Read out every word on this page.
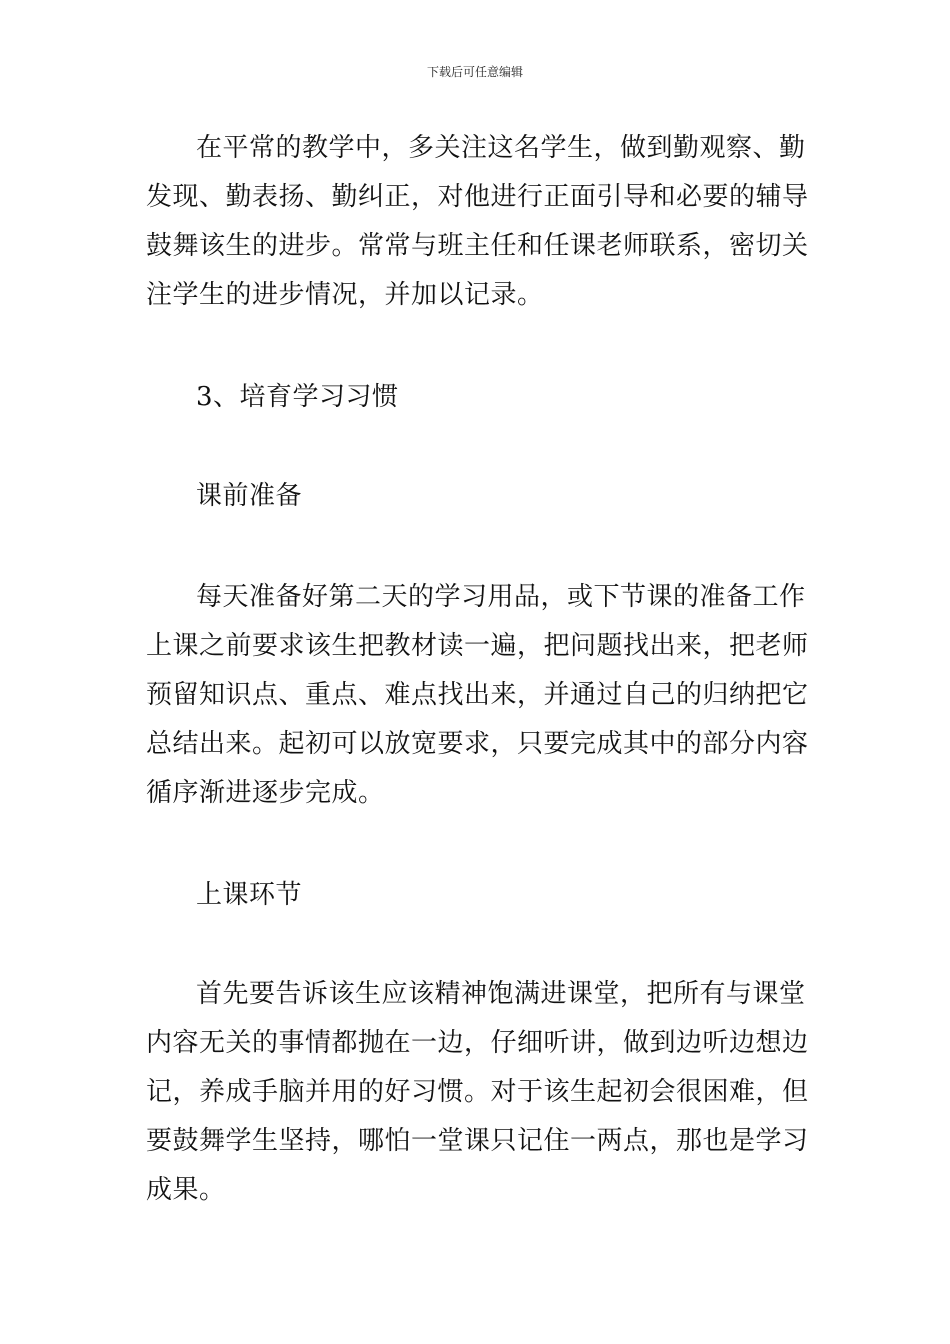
下载后可任意编辑
在平常的教学中，多关注这名学生，做到勤观察、勤
发现、勤表扬、勤纠正，对他进行正面引导和必要的辅导
鼓舞该生的进步。常常与班主任和任课老师联系，密切关
注学生的进步情况，并加以记录。
3、培育学习习惯
课前准备
每天准备好第二天的学习用品，或下节课的准备工作
上课之前要求该生把教材读一遍，把问题找出来，把老师
预留知识点、重点、难点找出来，并通过自己的归纳把它
总结出来。起初可以放宽要求，只要完成其中的部分内容
循序渐进逐步完成。
上课环节
首先要告诉该生应该精神饱满进课堂，把所有与课堂
内容无关的事情都抛在一边，仔细听讲，做到边听边想边
记，养成手脑并用的好习惯。对于该生起初会很困难，但
要鼓舞学生坚持，哪怕一堂课只记住一两点，那也是学习
成果。
